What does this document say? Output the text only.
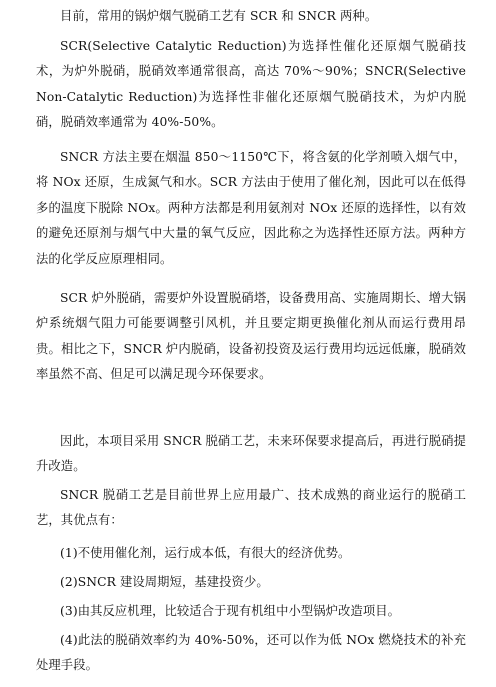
目前，常用的锅炉烟气脱硝工艺有 SCR 和 SNCR 两种。

SCR(Selective Catalytic Reduction)为选择性催化还原烟气脱硝技术，为炉外脱硝，脱硝效率通常很高，高达 70%～90%；SNCR(Selective Non-Catalytic Reduction)为选择性非催化还原烟气脱硝技术，为炉内脱硝，脱硝效率通常为 40%-50%。

SNCR 方法主要在烟温 850～1150℃下，将含氨的化学剂喷入烟气中，将 NOx 还原，生成氮气和水。SCR 方法由于使用了催化剂，因此可以在低得多的温度下脱除 NOx。两种方法都是利用氨剂对 NOx 还原的选择性，以有效的避免还原剂与烟气中大量的氧气反应，因此称之为选择性还原方法。两种方法的化学反应原理相同。

SCR 炉外脱硝，需要炉外设置脱硝塔，设备费用高、实施周期长、增大锅炉系统烟气阻力可能要调整引风机，并且要定期更换催化剂从而运行费用昂贵。相比之下，SNCR 炉内脱硝，设备初投资及运行费用均远远低廉，脱硝效率虽然不高、但足可以满足现今环保要求。

因此，本项目采用 SNCR 脱硝工艺，未来环保要求提高后，再进行脱硝提升改造。

SNCR 脱硝工艺是目前世界上应用最广、技术成熟的商业运行的脱硝工艺，其优点有：

(1)不使用催化剂，运行成本低，有很大的经济优势。

(2)SNCR 建设周期短，基建投资少。

(3)由其反应机理，比较适合于现有机组中小型锅炉改造项目。

(4)此法的脱硝效率约为 40%-50%，还可以作为低 NOx 燃烧技术的补充处理手段。
